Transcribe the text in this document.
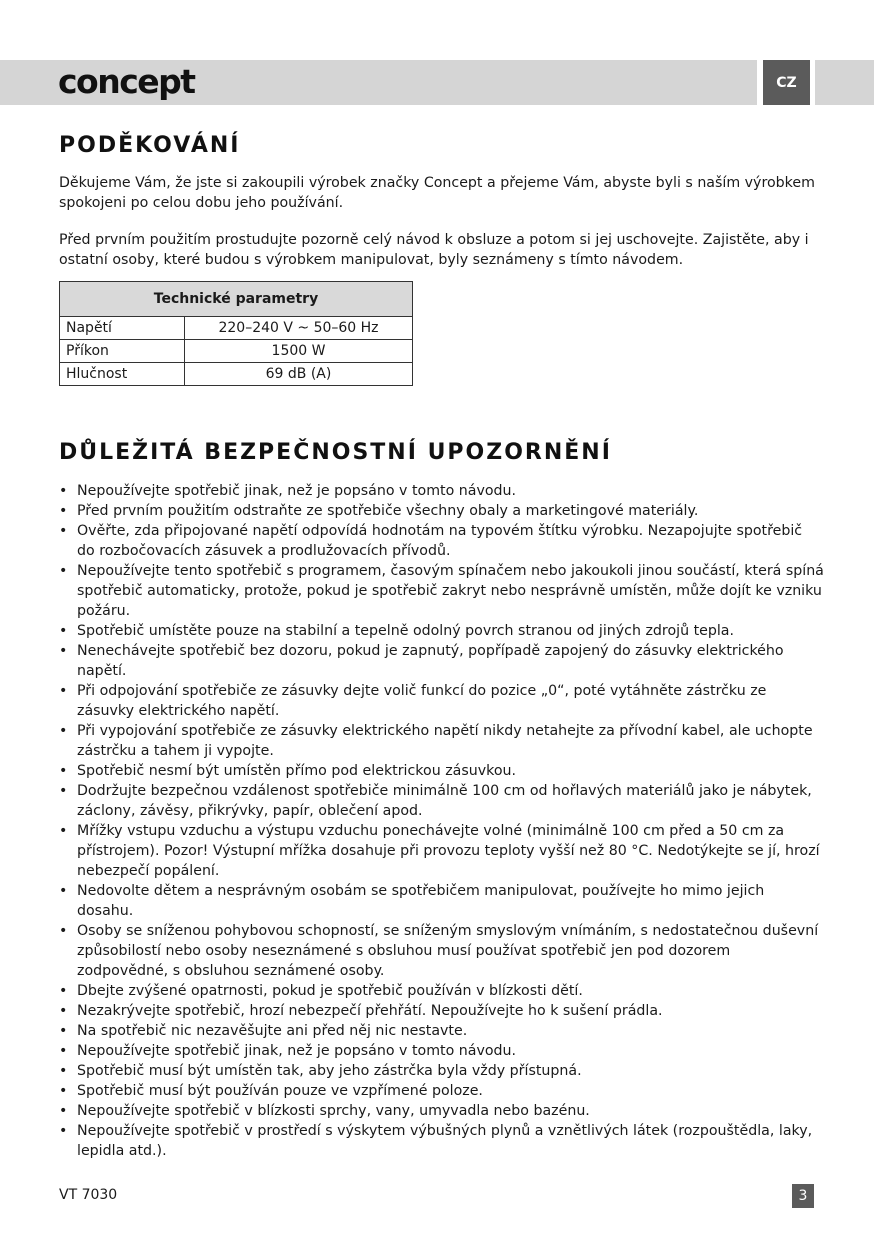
concept	CZ
PODĚKOVÁNÍ

Děkujeme Vám, že jste si zakoupili výrobek značky Concept a přejeme Vám, abyste byli s naším výrobkem spokojeni po celou dobu jeho používání.

Před prvním použitím prostudujte pozorně celý návod k obsluze a potom si jej uschovejte. Zajistěte, aby i ostatní osoby, které budou s výrobkem manipulovat, byly seznámeny s tímto návodem.

Technické parametry	
Napětí	220–240 V ~ 50–60 Hz
Příkon	1500 W
Hlučnost	69 dB (A)
DŮLEŽITÁ BEZPEČNOSTNÍ UPOZORNĚNÍ
• Nepoužívejte spotřebič jinak, než je popsáno v tomto návodu.
• Před prvním použitím odstraňte ze spotřebiče všechny obaly a marketingové materiály.
• Ověřte, zda připojované napětí odpovídá hodnotám na typovém štítku výrobku. Nezapojujte spotřebič do rozbočovacích zásuvek a prodlužovacích přívodů.
• Nepoužívejte tento spotřebič s programem, časovým spínačem nebo jakoukoli jinou součástí, která spíná spotřebič automaticky, protože, pokud je spotřebič zakryt nebo nesprávně umístěn, může dojít ke vzniku požáru.
• Spotřebič umístěte pouze na stabilní a tepelně odolný povrch stranou od jiných zdrojů tepla.
• Nenechávejte spotřebič bez dozoru, pokud je zapnutý, popřípadě zapojený do zásuvky elektrického napětí.
• Při odpojování spotřebiče ze zásuvky dejte volič funkcí do pozice „0“, poté vytáhněte zástrčku ze zásuvky elektrického napětí.
• Při vypojování spotřebiče ze zásuvky elektrického napětí nikdy netahejte za přívodní kabel, ale uchopte zástrčku a tahem ji vypojte.
• Spotřebič nesmí být umístěn přímo pod elektrickou zásuvkou.
• Dodržujte bezpečnou vzdálenost spotřebiče minimálně 100 cm od hořlavých materiálů jako je nábytek, záclony, závěsy, přikrývky, papír, oblečení apod.
• Mřížky vstupu vzduchu a výstupu vzduchu ponechávejte volné (minimálně 100 cm před a 50 cm za přístrojem). Pozor! Výstupní mřížka dosahuje při provozu teploty vyšší než 80 °C. Nedotýkejte se jí, hrozí nebezpečí popálení.
• Nedovolte dětem a nesprávným osobám se spotřebičem manipulovat, používejte ho mimo jejich dosahu.
• Osoby se sníženou pohybovou schopností, se sníženým smyslovým vnímáním, s nedostatečnou duševní způsobilostí nebo osoby neseznámené s obsluhou musí používat spotřebič jen pod dozorem zodpovědné, s obsluhou seznámené osoby.
• Dbejte zvýšené opatrnosti, pokud je spotřebič používán v blízkosti dětí.
• Nezakrývejte spotřebič, hrozí nebezpečí přehřátí. Nepoužívejte ho k sušení prádla.
• Na spotřebič nic nezavěšujte ani před něj nic nestavte.
• Nepoužívejte spotřebič jinak, než je popsáno v tomto návodu.
• Spotřebič musí být umístěn tak, aby jeho zástrčka byla vždy přístupná.
• Spotřebič musí být používán pouze ve vzpřímené poloze.
• Nepoužívejte spotřebič v blízkosti sprchy, vany, umyvadla nebo bazénu.
• Nepoužívejte spotřebič v prostředí s výskytem výbušných plynů a vznětlivých látek (rozpouštědla, laky, lepidla atd.).
VT 7030	3
